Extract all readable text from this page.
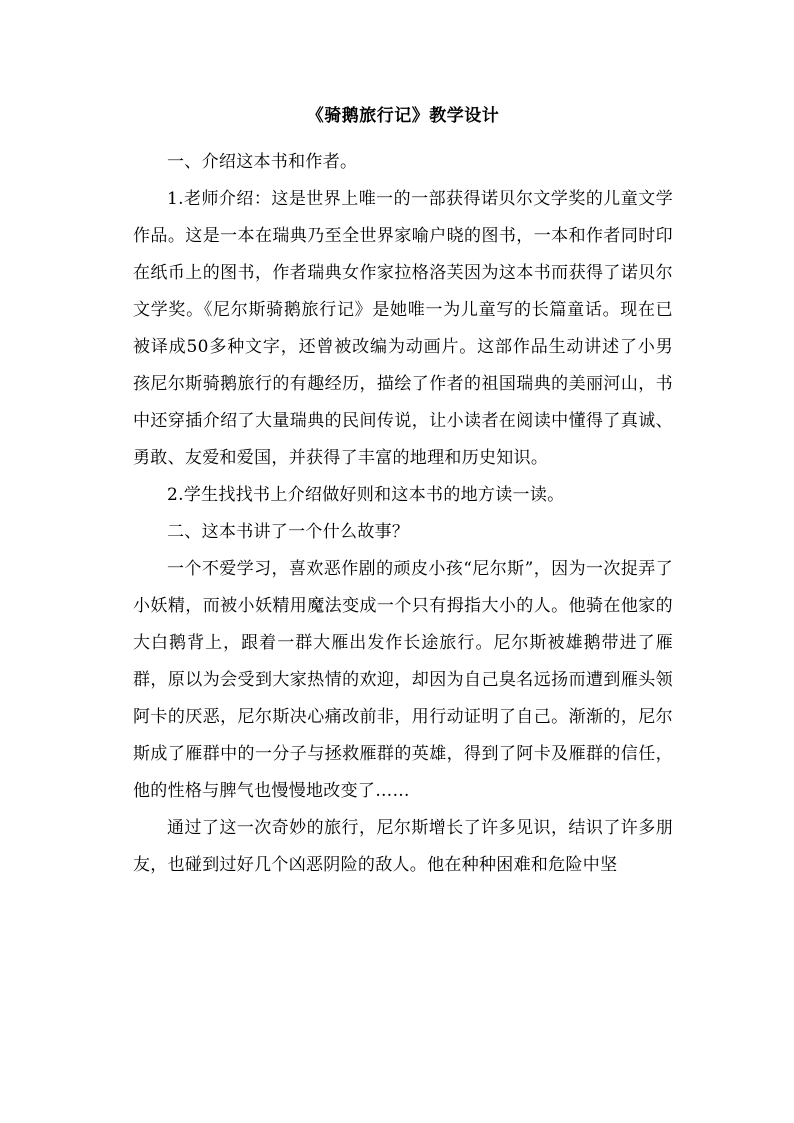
《骑鹅旅行记》教学设计

一、介绍这本书和作者。

1.老师介绍：这是世界上唯一的一部获得诺贝尔文学奖的儿童文学作品。这是一本在瑞典乃至全世界家喻户晓的图书，一本和作者同时印在纸币上的图书，作者瑞典女作家拉格洛芙因为这本书而获得了诺贝尔文学奖。《尼尔斯骑鹅旅行记》是她唯一为儿童写的长篇童话。现在已被译成50多种文字，还曾被改编为动画片。这部作品生动讲述了小男孩尼尔斯骑鹅旅行的有趣经历，描绘了作者的祖国瑞典的美丽河山，书中还穿插介绍了大量瑞典的民间传说，让小读者在阅读中懂得了真诚、勇敢、友爱和爱国，并获得了丰富的地理和历史知识。

2.学生找找书上介绍做好则和这本书的地方读一读。

二、这本书讲了一个什么故事？

一个不爱学习，喜欢恶作剧的顽皮小孩“尼尔斯”，因为一次捉弄了小妖精，而被小妖精用魔法变成一个只有拇指大小的人。他骑在他家的大白鹅背上，跟着一群大雁出发作长途旅行。尼尔斯被雄鹅带进了雁群，原以为会受到大家热情的欢迎，却因为自己臭名远扬而遭到雁头领阿卡的厌恶，尼尔斯决心痛改前非，用行动证明了自己。渐渐的，尼尔斯成了雁群中的一分子与拯救雁群的英雄，得到了阿卡及雁群的信任，他的性格与脾气也慢慢地改变了……

通过了这一次奇妙的旅行，尼尔斯增长了许多见识，结识了许多朋友，也碰到过好几个凶恶阴险的敌人。他在种种困难和危险中坚
